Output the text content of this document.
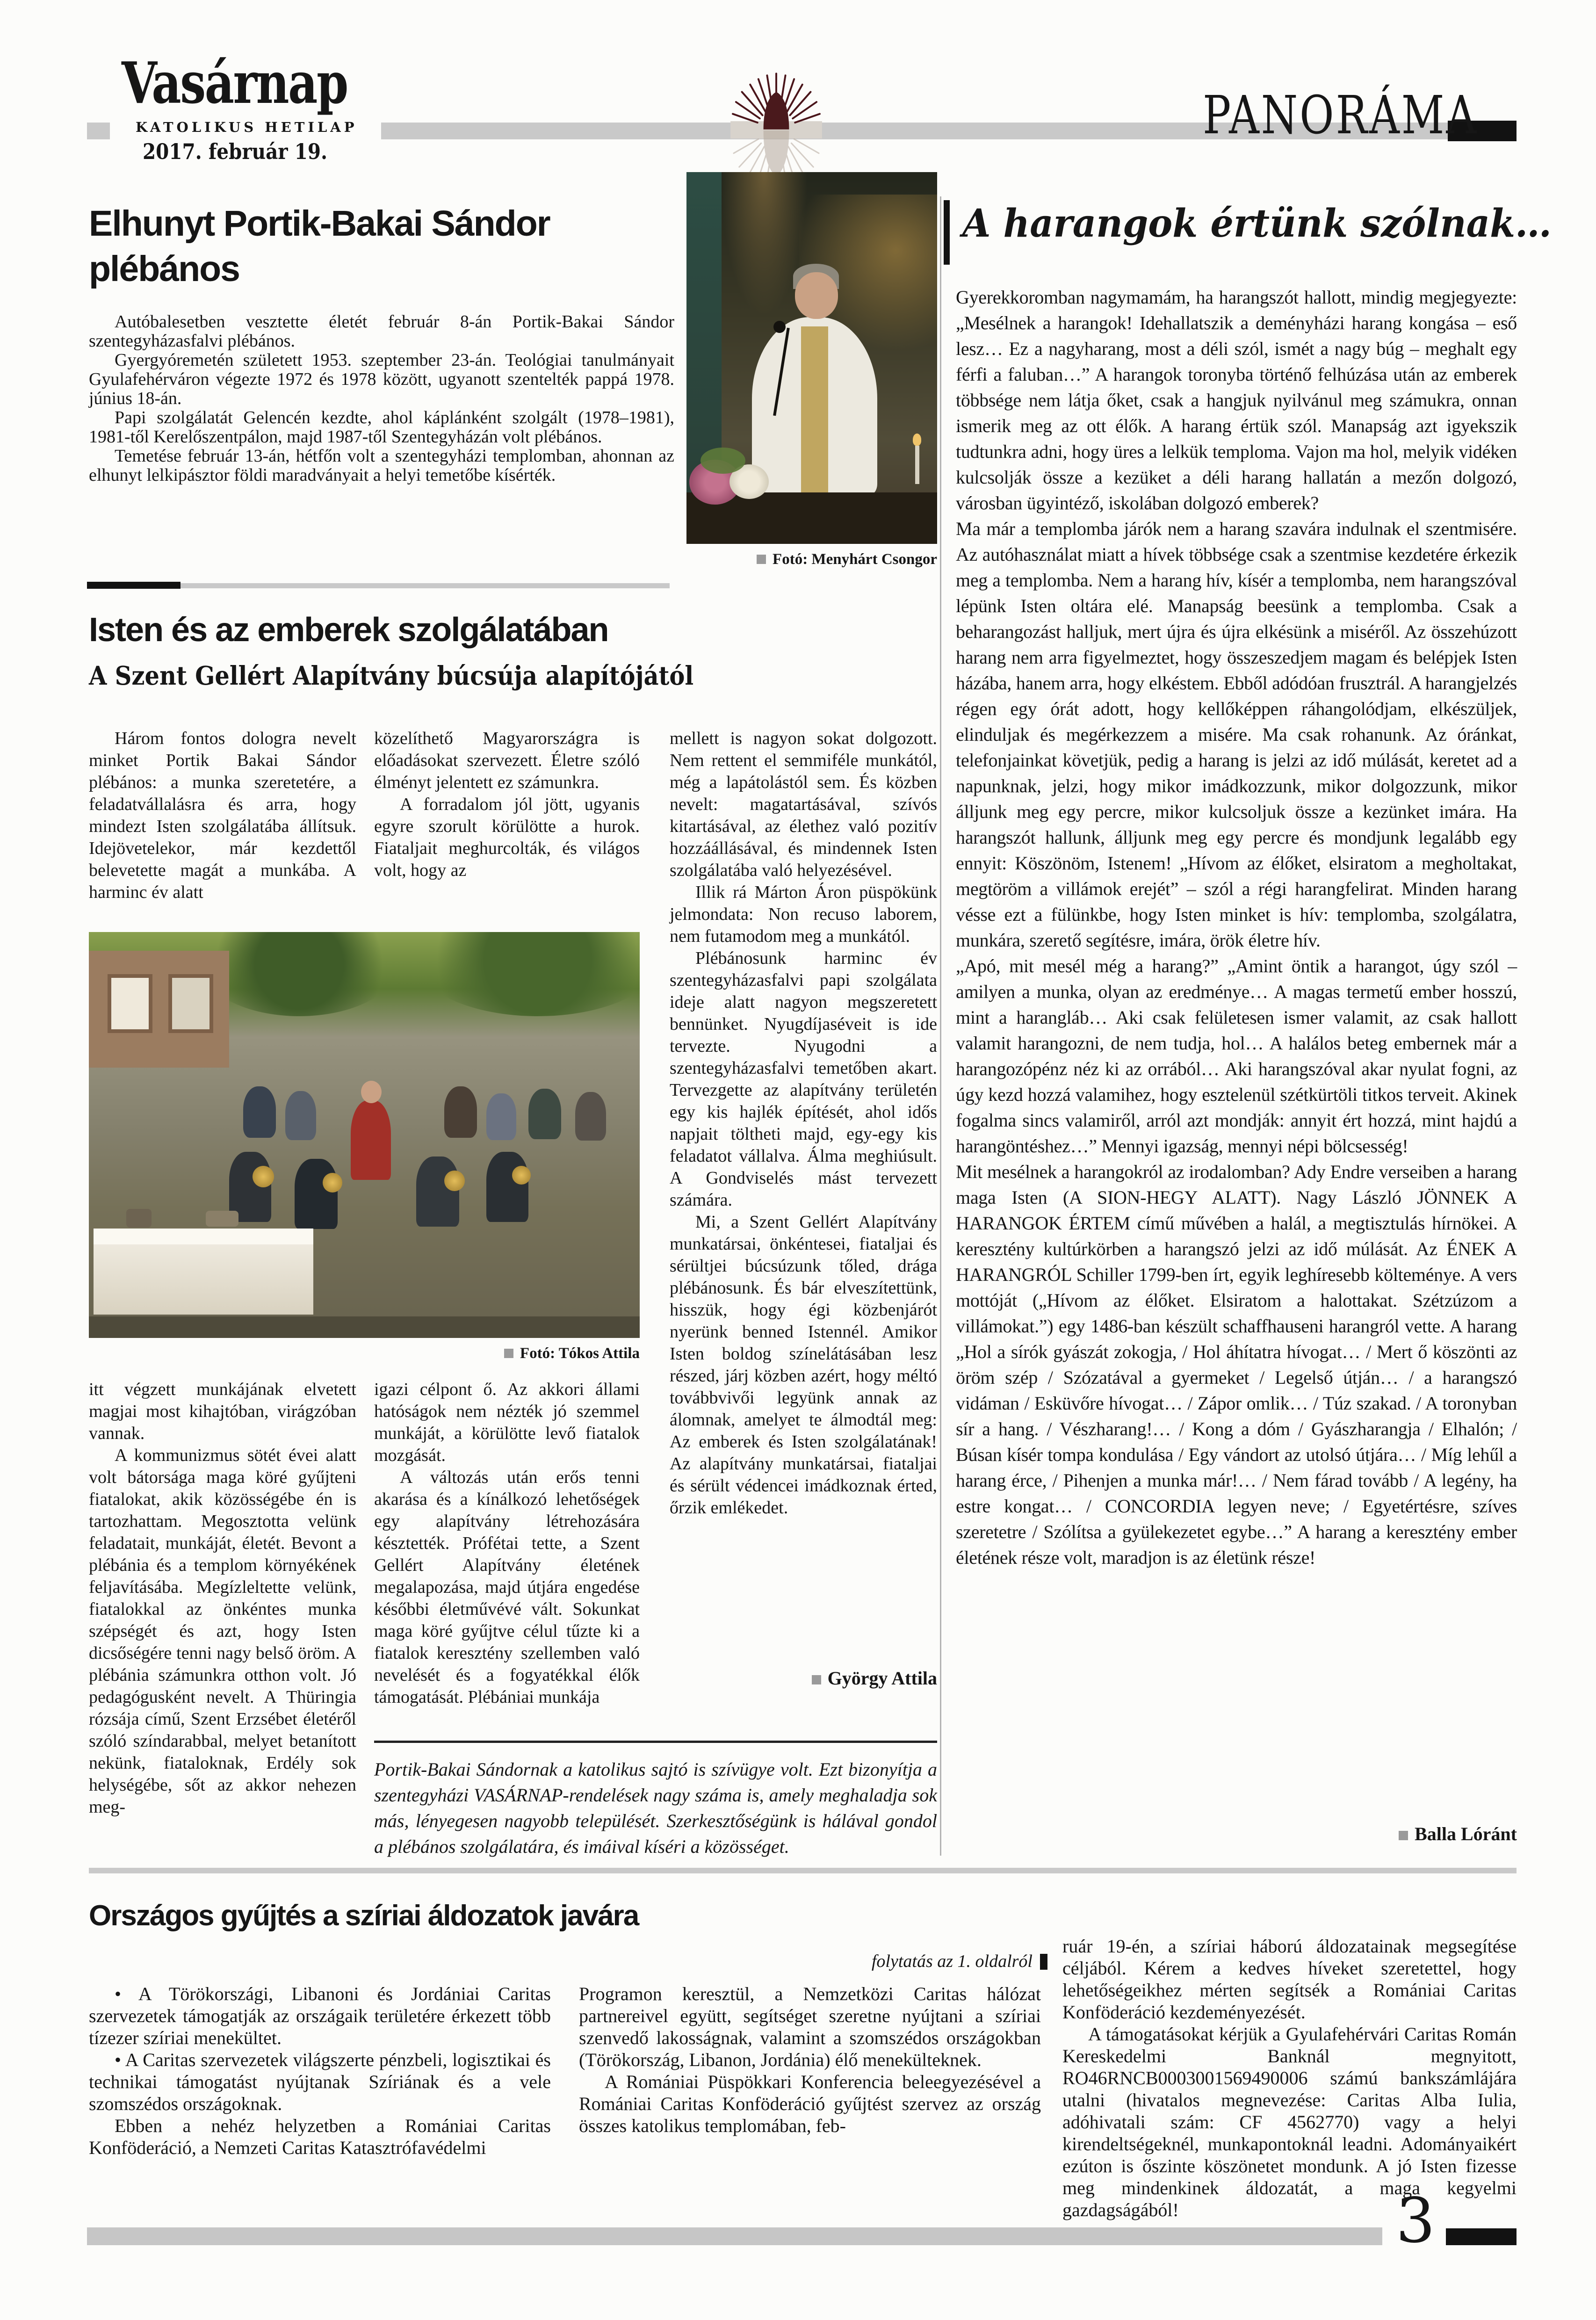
Vasárnap
KATOLIKUS HETILAP
2017. február 19.
PANORÁMA
Elhunyt Portik-Bakai Sándor plébános

Autóbalesetben vesztette életét február 8-án Portik-Bakai Sándor szentegyházasfalvi plébános.

Gyergyóremetén született 1953. szeptember 23-án. Teológiai tanulmányait Gyulafehérváron végezte 1972 és 1978 között, ugyanott szentelték pappá 1978. június 18-án.

Papi szolgálatát Gelencén kezdte, ahol káplánként szolgált (1978–1981), 1981-től Kerelőszentpálon, majd 1987-től Szentegyházán volt plébános.

Temetése február 13-án, hétfőn volt a szentegyházi templomban, ahonnan az elhunyt lelkipásztor földi maradványait a helyi temetőbe kísérték.

Fotó: Menyhárt Csongor
A harangok értünk szólnak…

Gyerekkoromban nagymamám, ha harangszót hallott, mindig megjegyezte: „Mesélnek a harangok! Idehallatszik a deményházi harang kongása – eső lesz… Ez a nagyharang, most a déli szól, ismét a nagy búg – meghalt egy férfi a faluban…” A harangok toronyba történő felhúzása után az emberek többsége nem látja őket, csak a hangjuk nyilvánul meg számukra, onnan ismerik meg az ott élők. A harang értük szól. Manapság azt igyekszik tudtunkra adni, hogy üres a lelkük temploma. Vajon ma hol, melyik vidéken kulcsolják össze a kezüket a déli harang hallatán a mezőn dolgozó, városban ügyintéző, iskolában dolgozó emberek?

Ma már a templomba járók nem a harang szavára indulnak el szentmisére. Az autóhasználat miatt a hívek többsége csak a szentmise kezdetére érkezik meg a templomba. Nem a harang hív, kísér a templomba, nem harangszóval lépünk Isten oltára elé. Manapság beesünk a templomba. Csak a beharangozást halljuk, mert újra és újra elkésünk a miséről. Az összehúzott harang nem arra figyelmeztet, hogy összeszedjem magam és belépjek Isten házába, hanem arra, hogy elkéstem. Ebből adódóan frusztrál. A harangjelzés régen egy órát adott, hogy kellőképpen ráhangolódjam, elkészüljek, elinduljak és megérkezzem a misére. Ma csak rohanunk. Az óránkat, telefonjainkat követjük, pedig a harang is jelzi az idő múlását, keretet ad a napunknak, jelzi, hogy mikor imádkozzunk, mikor dolgozzunk, mikor álljunk meg egy percre, mikor kulcsoljuk össze a kezünket imára. Ha harangszót hallunk, álljunk meg egy percre és mondjunk legalább egy ennyit: Köszönöm, Istenem! „Hívom az élőket, elsiratom a megholtakat, megtöröm a villámok erejét” – szól a régi harangfelirat. Minden harang vésse ezt a fülünkbe, hogy Isten minket is hív: templomba, szolgálatra, munkára, szerető segítésre, imára, örök életre hív.

„Apó, mit mesél még a harang?” „Amint öntik a harangot, úgy szól – amilyen a munka, olyan az eredménye… A magas termetű ember hosszú, mint a harangláb… Aki csak felületesen ismer valamit, az csak hallott valamit harangozni, de nem tudja, hol… A halálos beteg embernek már a harangozópénz néz ki az orrából… Aki harangszóval akar nyulat fogni, az úgy kezd hozzá valamihez, hogy esztelenül szétkürtöli titkos terveit. Akinek fogalma sincs valamiről, arról azt mondják: annyit ért hozzá, mint hajdú a harangöntéshez…” Mennyi igazság, mennyi népi bölcsesség!

Mit mesélnek a harangokról az irodalomban? Ady Endre verseiben a harang maga Isten (A SION-HEGY ALATT). Nagy László JÖNNEK A HARANGOK ÉRTEM című művében a halál, a megtisztulás hírnökei. A keresztény kultúrkörben a harangszó jelzi az idő múlását. Az ÉNEK A HARANGRÓL Schiller 1799-ben írt, egyik leghíresebb költeménye. A vers mottóját („Hívom az élőket. Elsiratom a halottakat. Szétzúzom a villámokat.”) egy 1486-ban készült schaffhauseni harangról vette. A harang „Hol a sírók gyászát zokogja, / Hol áhítatra hívogat… / Mert ő köszönti az öröm szép / Szózatával a gyermeket / Legelső útján… / a harangszó vidáman / Esküvőre hívogat… / Zápor omlik… / Túz szakad. / A toronyban sír a hang. / Vészharang!… / Kong a dóm / Gyászharangja / Elhalón; / Búsan kísér tompa kondulása / Egy vándort az utolsó útjára… / Míg lehűl a harang érce, / Pihenjen a munka már!… / Nem fárad tovább / A legény, ha estre kongat… / CONCORDIA legyen neve; / Egyetértésre, szíves szeretetre / Szólítsa a gyülekezetet egybe…” A harang a keresztény ember életének része volt, maradjon is az életünk része!

Balla Lóránt
Isten és az emberek szolgálatában
A Szent Gellért Alapítvány búcsúja alapítójától

Három fontos dologra nevelt minket Portik Bakai Sándor plébános: a munka szeretetére, a feladatvállalásra és arra, hogy mindezt Isten szolgálatába állítsuk. Idejövetelekor, már kezdettől belevetette magát a munkába. A harminc év alatt

közelíthető Magyarországra is előadásokat szervezett. Életre szóló élményt jelentett ez számunkra.

A forradalom jól jött, ugyanis egyre szorult körülötte a hurok. Fiataljait meghurcolták, és világos volt, hogy az

mellett is nagyon sokat dolgozott. Nem rettent el semmiféle munkától, még a lapátolástól sem. És közben nevelt: magatartásával, szívós kitartásával, az élethez való pozitív hozzáállásával, és mindennek Isten szolgálatába való helyezésével.

Illik rá Márton Áron püspökünk jelmondata: Non recuso laborem, nem futamodom meg a munkától.

Plébánosunk harminc év szentegyházasfalvi papi szolgálata ideje alatt nagyon megszeretett bennünket. Nyugdíjaséveit is ide tervezte. Nyugodni a szentegyházasfalvi temetőben akart. Tervezgette az alapítvány területén egy kis hajlék építését, ahol idős napjait töltheti majd, egy-egy kis feladatot vállalva. Álma meghiúsult. A Gondviselés mást tervezett számára.

Mi, a Szent Gellért Alapítvány munkatársai, önkéntesei, fiataljai és sérültjei búcsúzunk tőled, drága plébánosunk. És bár elveszítettünk, hisszük, hogy égi közbenjárót nyerünk benned Istennél. Amikor Isten boldog színelátásában lesz részed, járj közben azért, hogy méltó továbbvivői legyünk annak az álomnak, amelyet te álmodtál meg: Az emberek és Isten szolgálatának! Az alapítvány munkatársai, fiataljai és sérült védencei imádkoznak érted, őrzik emlékedet.

György Attila
Fotó: Tókos Attila

itt végzett munkájának elvetett magjai most kihajtóban, virágzóban vannak.

A kommunizmus sötét évei alatt volt bátorsága maga köré gyűjteni fiatalokat, akik közösségébe én is tartozhattam. Megosztotta velünk feladatait, munkáját, életét. Bevont a plébánia és a templom környékének feljavításába. Megízleltette velünk, fiatalokkal az önkéntes munka szépségét és azt, hogy Isten dicsőségére tenni nagy belső öröm. A plébánia számunkra otthon volt. Jó pedagógusként nevelt. A Thüringia rózsája című, Szent Erzsébet életéről szóló színdarabbal, melyet betanított nekünk, fiataloknak, Erdély sok helységébe, sőt az akkor nehezen meg-

igazi célpont ő. Az akkori állami hatóságok nem nézték jó szemmel munkáját, a körülötte levő fiatalok mozgását.

A változás után erős tenni akarása és a kínálkozó lehetőségek egy alapítvány létrehozására késztették. Prófétai tette, a Szent Gellért Alapítvány életének megalapozása, majd útjára engedése későbbi életművévé vált. Sokunkat maga köré gyűjtve célul tűzte ki a fiatalok keresztény szellemben való nevelését és a fogyatékkal élők támogatását. Plébániai munkája

Portik-Bakai Sándornak a katolikus sajtó is szívügye volt. Ezt bizonyítja a szentegyházi VASÁRNAP-rendelések nagy száma is, amely meghaladja sok más, lényegesen nagyobb települését. Szerkesztőségünk is hálával gondol a plébános szolgálatára, és imáival kíséri a közösséget.
Országos gyűjtés a szíriai áldozatok javára
folytatás az 1. oldalról

• A Törökországi, Libanoni és Jordániai Caritas szervezetek támogatják az országaik területére érkezett több tízezer szíriai menekültet.

• A Caritas szervezetek világszerte pénzbeli, logisztikai és technikai támogatást nyújtanak Szíriának és a vele szomszédos országoknak.

Ebben a nehéz helyzetben a Romániai Caritas Konföderáció, a Nemzeti Caritas Katasztrófavédelmi

Programon keresztül, a Nemzetközi Caritas hálózat partnereivel együtt, segítséget szeretne nyújtani a szíriai szenvedő lakosságnak, valamint a szomszédos országokban (Törökország, Libanon, Jordánia) élő menekülteknek.

A Romániai Püspökkari Konferencia beleegyezésével a Romániai Caritas Konföderáció gyűjtést szervez az ország összes katolikus templomában, feb-

ruár 19-én, a szíriai háború áldozatainak megsegítése céljából. Kérem a kedves híveket szeretettel, hogy lehetőségeikhez mérten segítsék a Romániai Caritas Konföderáció kezdeményezését.

A támogatásokat kérjük a Gyulafehérvári Caritas Román Kereskedelmi Banknál megnyitott, RO46RNCB0003001569490006 számú bankszámlájára utalni (hivatalos megnevezése: Caritas Alba Iulia, adóhivatali szám: CF 4562770) vagy a helyi kirendeltségeknél, munkapontoknál leadni. Adományaikért ezúton is őszinte köszönetet mondunk. A jó Isten fizesse meg mindenkinek áldozatát, a maga kegyelmi gazdagságából!	3
